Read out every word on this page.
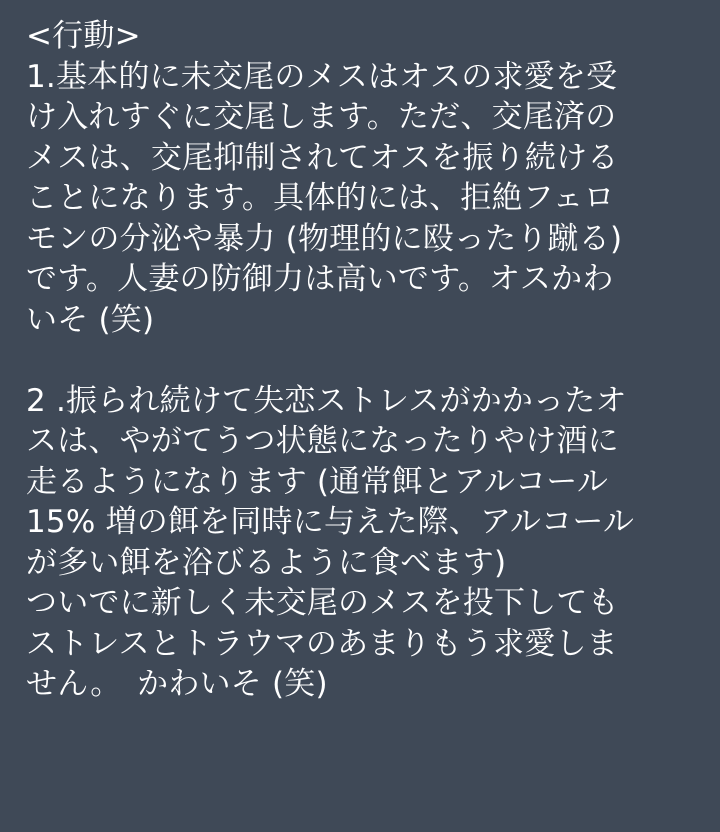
<行動>
1.基本的に未交尾のメスはオスの求愛を受
け入れすぐに交尾します。ただ、交尾済の
メスは、交尾抑制されてオスを振り続ける
ことになります。具体的には、拒絶フェロ
モンの分泌や暴力 (物理的に殴ったり蹴る)
です。人妻の防御力は高いです。オスかわ
いそ (笑)
2 .振られ続けて失恋ストレスがかかったオ
スは、やがてうつ状態になったりやけ酒に
走るようになります (通常餌とアルコール
15% 増の餌を同時に与えた際、アルコール
が多い餌を浴びるように食べます)
ついでに新しく未交尾のメスを投下しても
ストレスとトラウマのあまりもう求愛しま
せん。　かわいそ (笑)
